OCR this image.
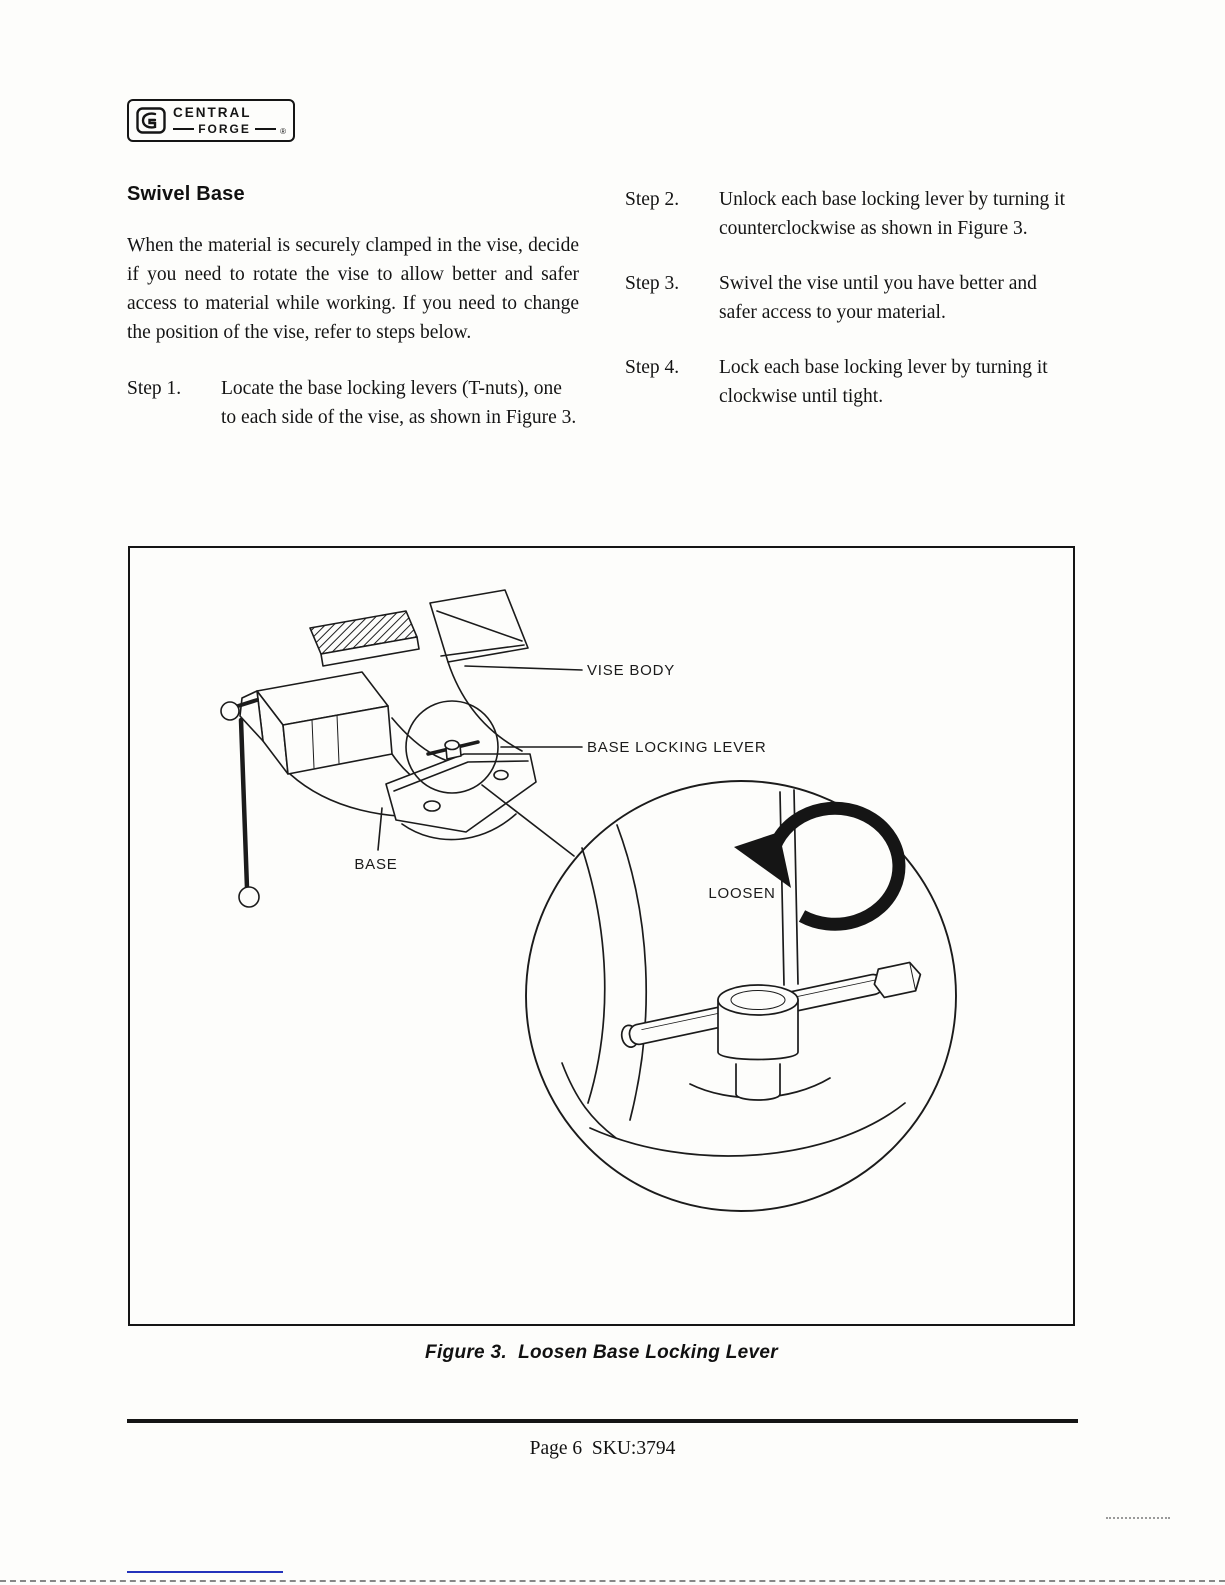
CENTRAL
FORGE	®
Swivel Base

When the material is securely clamped in the vise, decide if you need to rotate the vise to allow better and safer access to material while working. If you need to change the position of the vise, refer to steps below.

Step 1.	Locate the base locking levers (T-nuts), one to each side of the vise, as shown in Figure 3.
Step 2.	Unlock each base locking lever by turning it counterclockwise as shown in Figure 3.
Step 3.	Swivel the vise until you have better and safer access to your material.
Step 4.	Lock each base locking lever by turning it clockwise until tight.
VISE BODY
BASE LOCKING LEVER
BASE
LOOSEN
Figure 3.  Loosen Base Locking Lever
Page 6  SKU:3794
